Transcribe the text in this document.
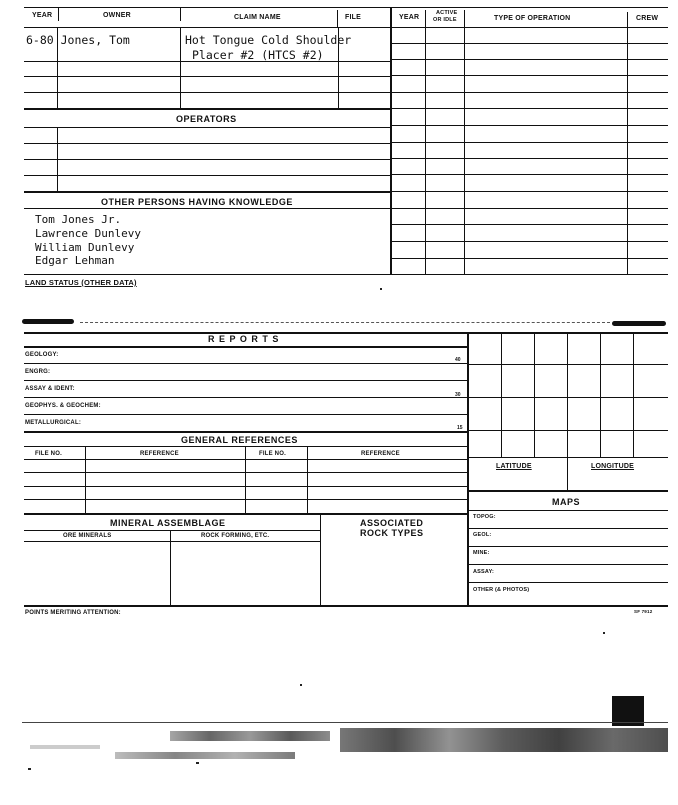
YEAR	OWNER	CLAIM NAME	FILE	YEAR
ACTIVE
OR IDLE	TYPE OF OPERATION	CREW
OPERATORS
OTHER PERSONS HAVING KNOWLEDGE
6-80 Jones, Tom	Hot Tongue Cold Shoulder
Placer #2 (HTCS #2)
Tom Jones Jr.
Lawrence Dunlevy
William Dunlevy
Edgar Lehman
LAND STATUS (OTHER DATA)
R E P O R T S
GEOLOGY:
40
ENGRG:
ASSAY & IDENT:
30
GEOPHYS. & GEOCHEM:
METALLURGICAL:
15
GENERAL REFERENCES
FILE NO.	REFERENCE	FILE NO.	REFERENCE
MINERAL ASSEMBLAGE	ASSOCIATED
ROCK TYPES
ORE MINERALS	ROCK FORMING, ETC.
LATITUDE	LONGITUDE
MAPS
TOPOG:
GEOL:
MINE:
ASSAY:
OTHER (& PHOTOS)
POINTS MERITING ATTENTION:	SF 7912
